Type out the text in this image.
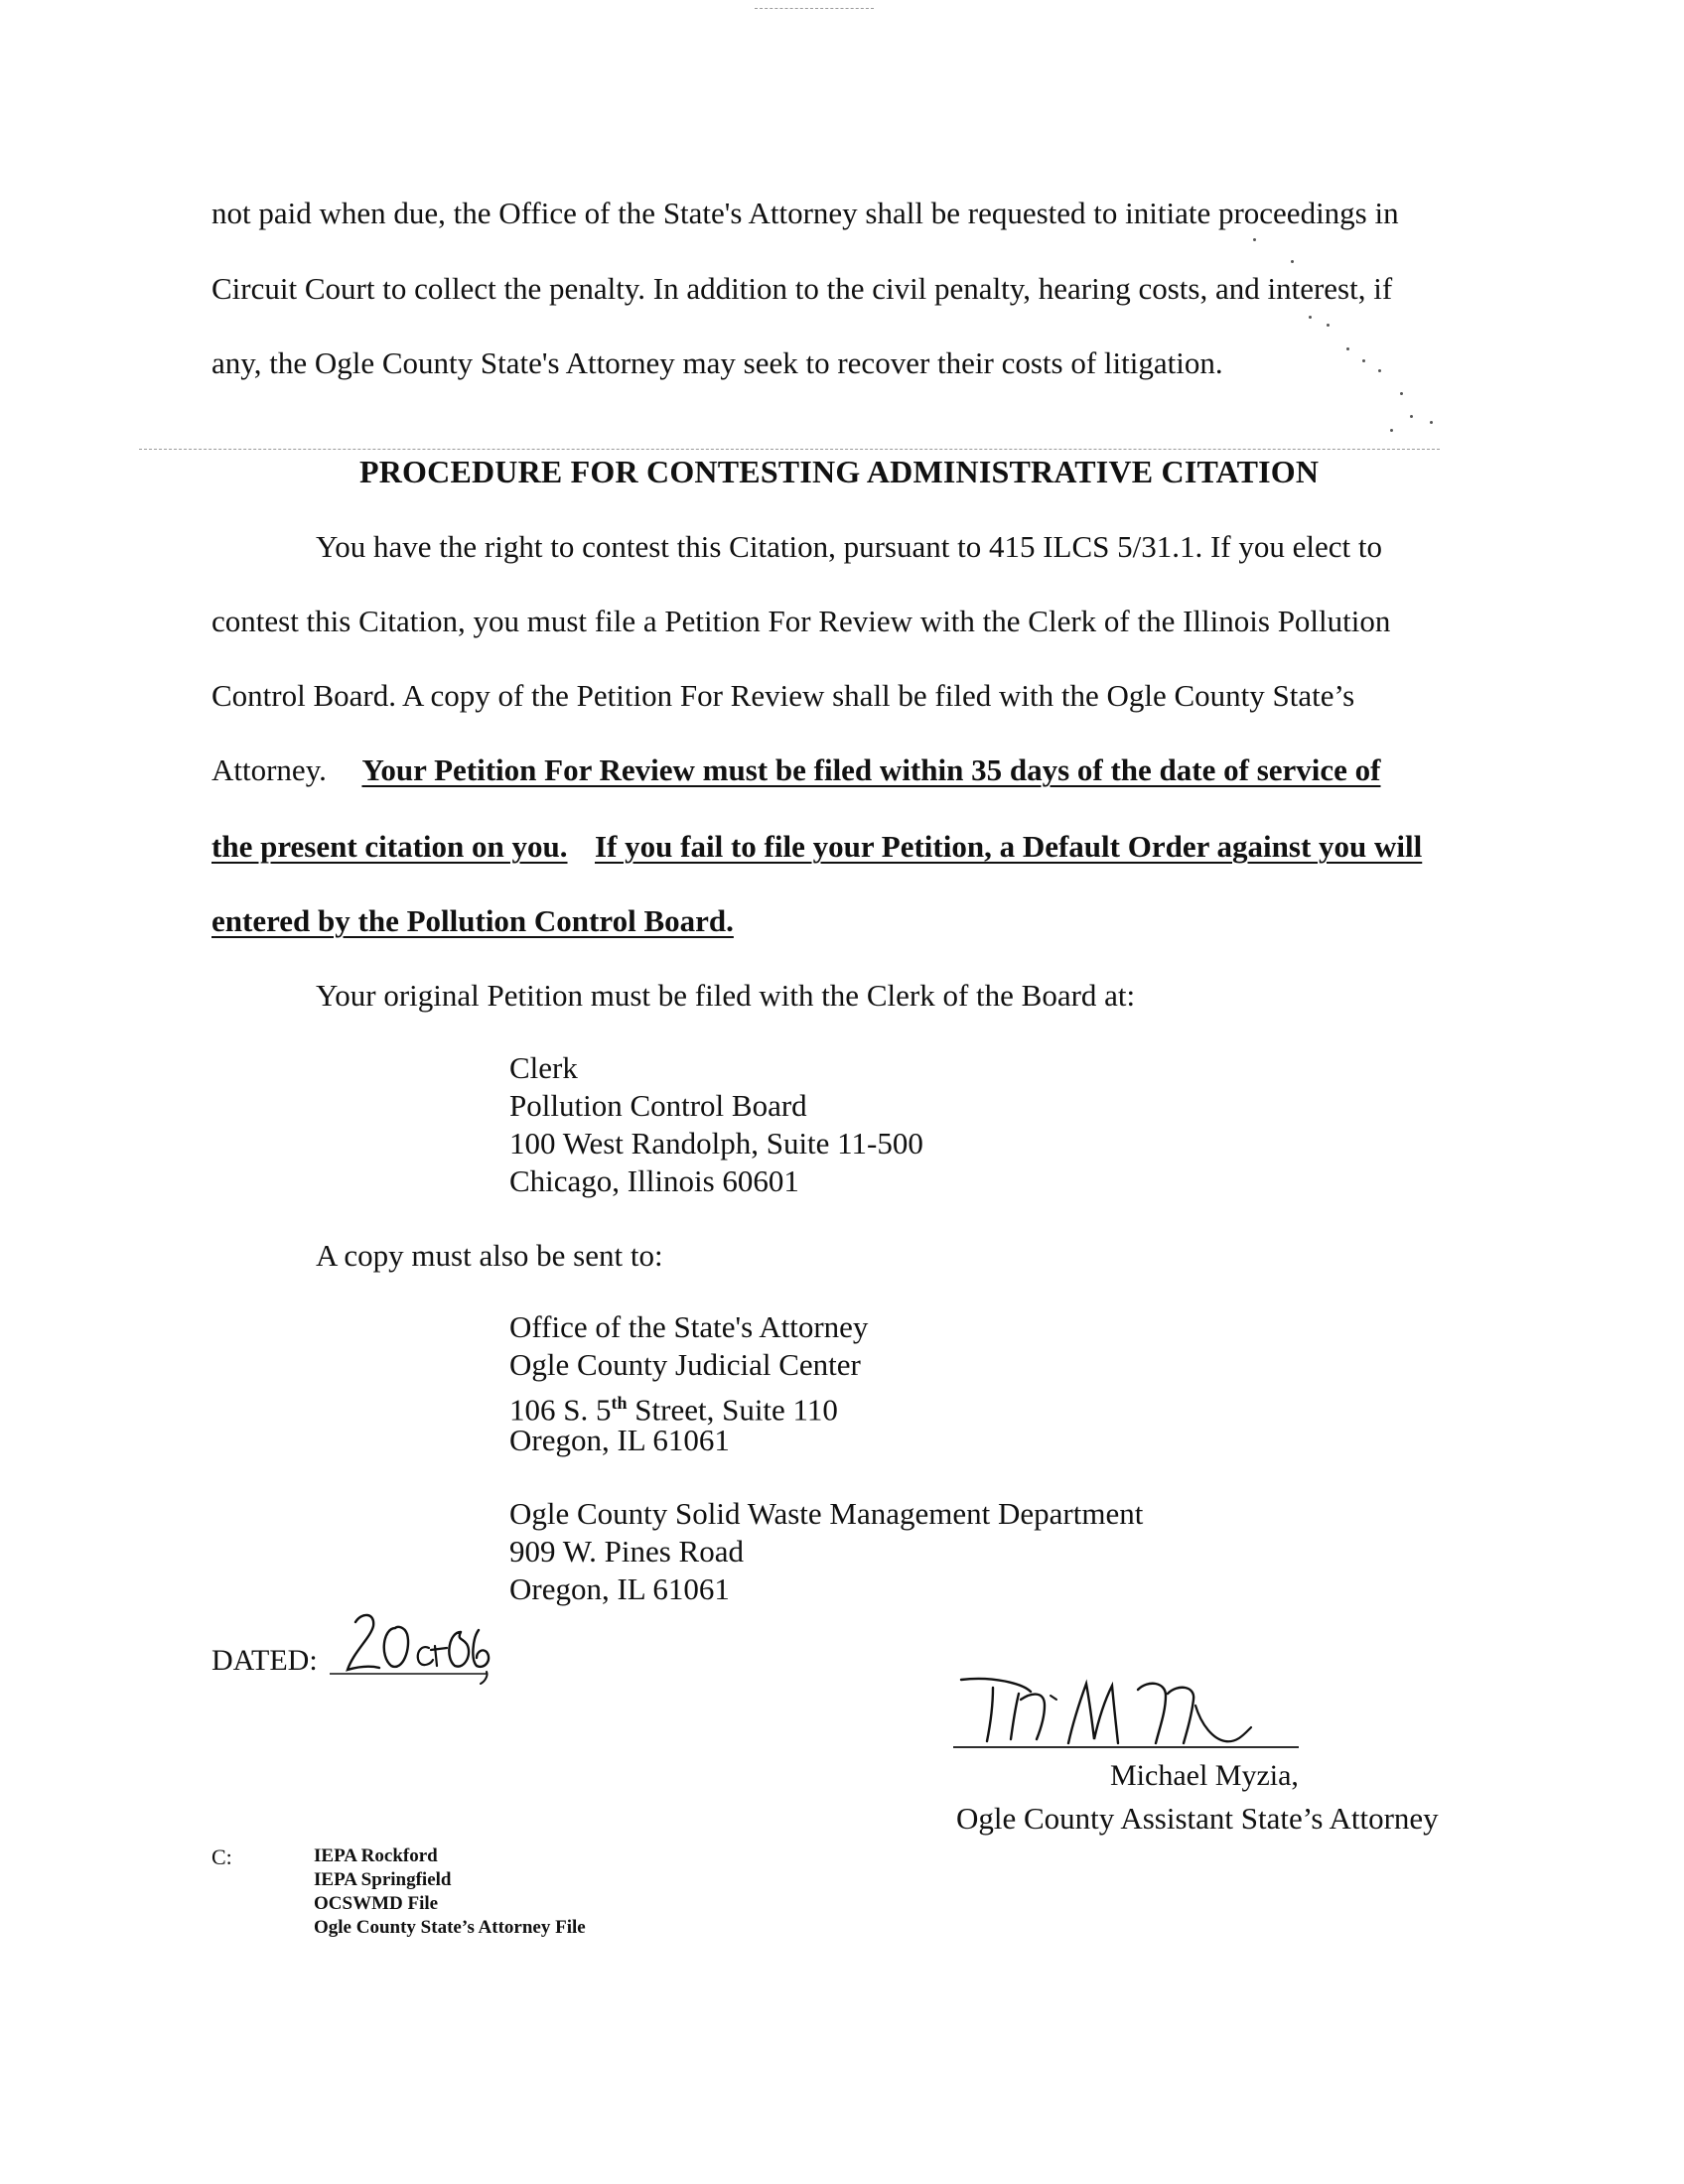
not paid when due, the Office of the State's Attorney shall be requested to initiate proceedings in
Circuit Court to collect the penalty. In addition to the civil penalty, hearing costs, and interest, if
any, the Ogle County State's Attorney may seek to recover their costs of litigation.
PROCEDURE FOR CONTESTING ADMINISTRATIVE CITATION
You have the right to contest this Citation, pursuant to 415 ILCS 5/31.1. If you elect to
contest this Citation, you must file a Petition For Review with the Clerk of the Illinois Pollution
Control Board. A copy of the Petition For Review shall be filed with the Ogle County State’s
Attorney. Your Petition For Review must be filed within 35 days of the date of service of
the present citation on you. If you fail to file your Petition, a Default Order against you will
entered by the Pollution Control Board.
Your original Petition must be filed with the Clerk of the Board at:
Clerk
Pollution Control Board
100 West Randolph, Suite 11-500
Chicago, Illinois 60601
A copy must also be sent to:
Office of the State's Attorney
Ogle County Judicial Center
106 S. 5th Street, Suite 110
Oregon, IL 61061
Ogle County Solid Waste Management Department
909 W. Pines Road
Oregon, IL 61061
DATED:
Michael Myzia,
Ogle County Assistant State’s Attorney
C:	IEPA Rockford
IEPA Springfield
OCSWMD File
Ogle County State’s Attorney File
